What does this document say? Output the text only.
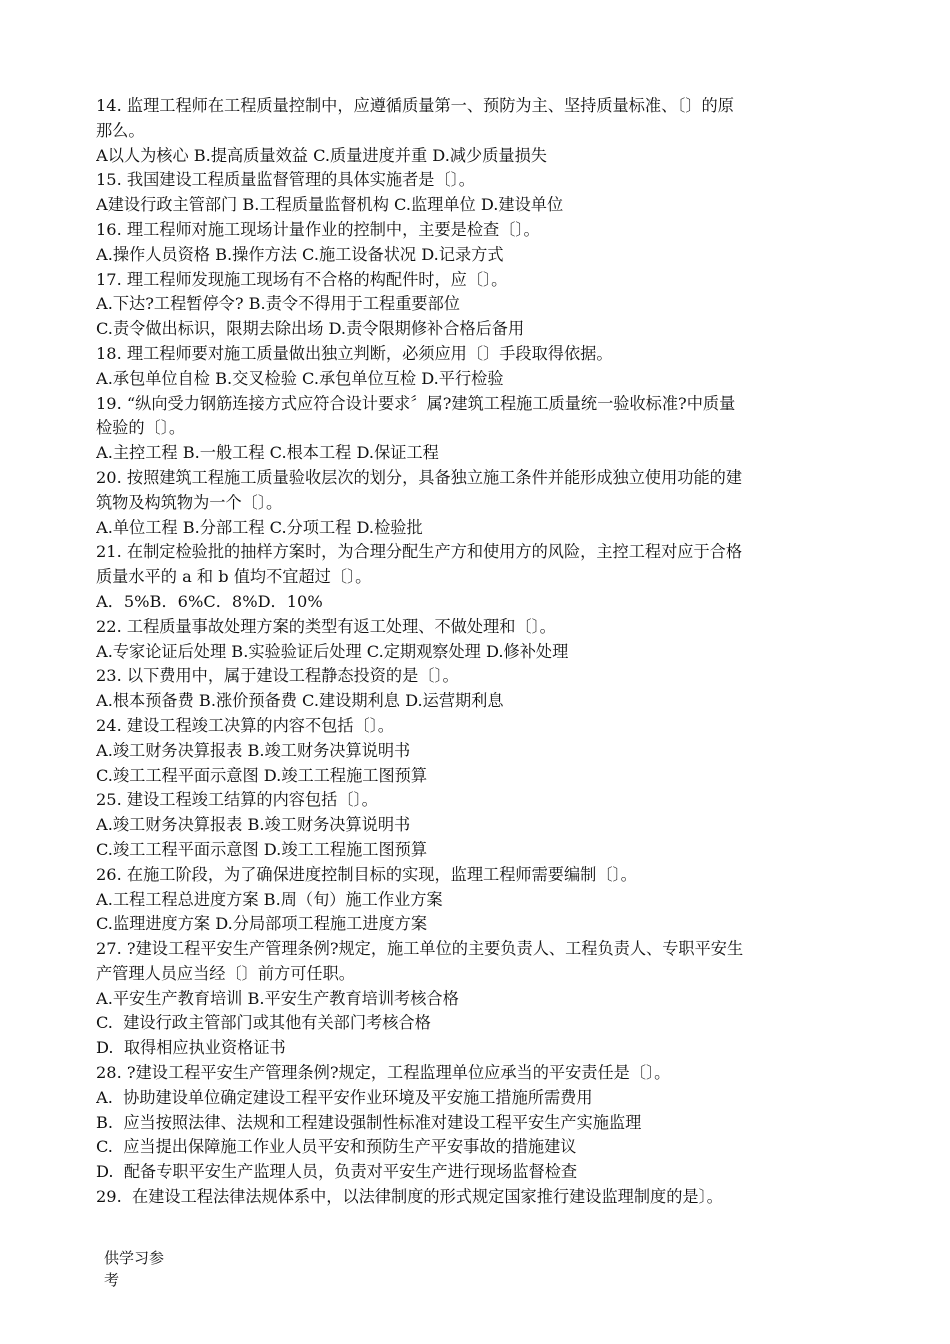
14. 监理工程师在工程质量控制中，应遵循质量第一、预防为主、坚持质量标准、〔〕的原
那么。
A以人为核心 B.提高质量效益 C.质量进度并重 D.减少质量损失
15. 我国建设工程质量监督管理的具体实施者是〔〕。
A建设行政主管部门 B.工程质量监督机构 C.监理单位 D.建设单位
16. 理工程师对施工现场计量作业的控制中，主要是检查〔〕。
A.操作人员资格 B.操作方法 C.施工设备状况 D.记录方式
17. 理工程师发现施工现场有不合格的构配件时，应〔〕。
A.下达?工程暂停令? B.责令不得用于工程重要部位
C.责令做出标识，限期去除出场 D.责令限期修补合格后备用
18. 理工程师要对施工质量做出独立判断，必须应用〔〕手段取得依据。
A.承包单位自检 B.交叉检验 C.承包单位互检 D.平行检验
19. “纵向受力钢筋连接方式应符合设计要求〞属?建筑工程施工质量统一验收标准?中质量
检验的〔〕。
A.主控工程 B.一般工程 C.根本工程 D.保证工程
20. 按照建筑工程施工质量验收层次的划分，具备独立施工条件并能形成独立使用功能的建
筑物及构筑物为一个〔〕。
A.单位工程 B.分部工程 C.分项工程 D.检验批
21. 在制定检验批的抽样方案时，为合理分配生产方和使用方的风险，主控工程对应于合格
质量水平的 a 和 b 值均不宜超过〔〕。
A．5%B．6%C．8%D．10%
22. 工程质量事故处理方案的类型有返工处理、不做处理和〔〕。
A.专家论证后处理 B.实验验证后处理 C.定期观察处理 D.修补处理
23. 以下费用中，属于建设工程静态投资的是〔〕。
A.根本预备费 B.涨价预备费 C.建设期利息 D.运营期利息
24. 建设工程竣工决算的内容不包括〔〕。
A.竣工财务决算报表 B.竣工财务决算说明书
C.竣工工程平面示意图 D.竣工工程施工图预算
25. 建设工程竣工结算的内容包括〔〕。
A.竣工财务决算报表 B.竣工财务决算说明书
C.竣工工程平面示意图 D.竣工工程施工图预算
26. 在施工阶段，为了确保进度控制目标的实现，监理工程师需要编制〔〕。
A.工程工程总进度方案 B.周（旬）施工作业方案
C.监理进度方案 D.分局部项工程施工进度方案
27. ?建设工程平安生产管理条例?规定，施工单位的主要负责人、工程负责人、专职平安生
产管理人员应当经〔〕前方可任职。
A.平安生产教育培训 B.平安生产教育培训考核合格
C.  建设行政主管部门或其他有关部门考核合格
D.  取得相应执业资格证书
28. ?建设工程平安生产管理条例?规定，工程监理单位应承当的平安责任是〔〕。
A.  协助建设单位确定建设工程平安作业环境及平安施工措施所需费用
B.  应当按照法律、法规和工程建设强制性标准对建设工程平安生产实施监理
C.  应当提出保障施工作业人员平安和预防生产平安事故的措施建议
D.  配备专职平安生产监理人员，负责对平安生产进行现场监督检查
29.  在建设工程法律法规体系中，以法律制度的形式规定国家推行建设监理制度的是〕。
供学习参
考
